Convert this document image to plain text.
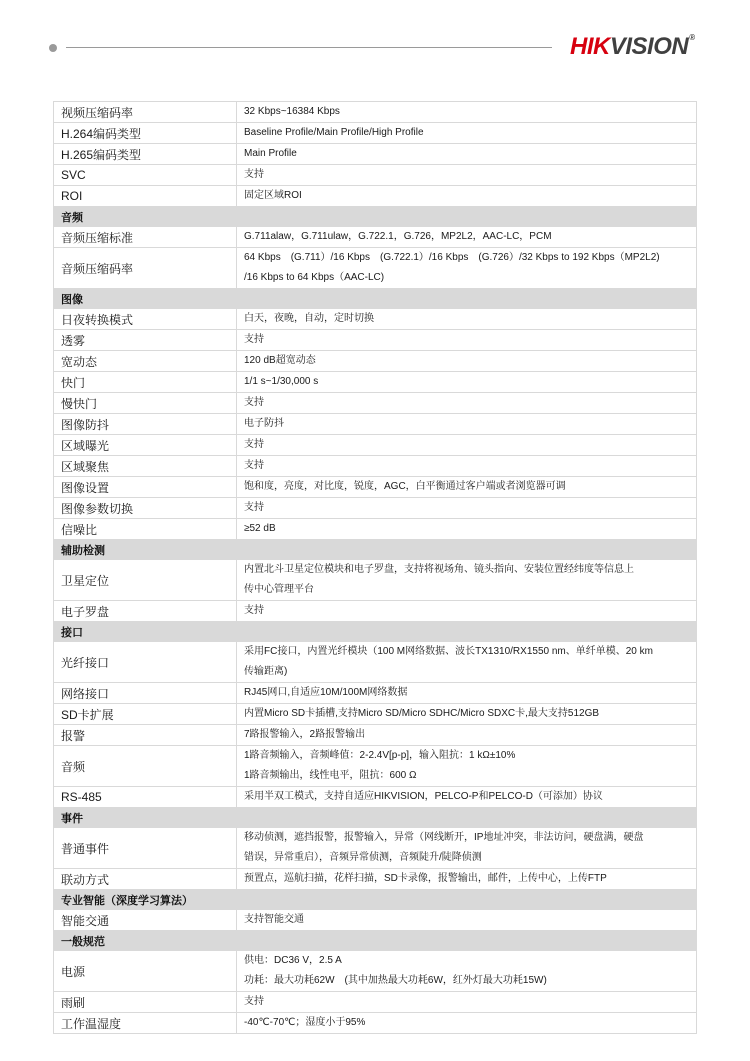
HIKVISION®
视频压缩码率	32 Kbps~16384 Kbps

H.264编码类型	Baseline Profile/Main Profile/High Profile

H.265编码类型	Main Profile

SVC	支持

ROI	固定区域ROI

音频	
音频压缩标准	G.711alaw，G.711ulaw，G.722.1，G.726，MP2L2，AAC-LC，PCM

音频压缩码率	64 Kbps　(G.711）/16 Kbps　(G.722.1）/16 Kbps　(G.726）/32 Kbps to 192 Kbps（MP2L2)
/16 Kbps to 64 Kbps（AAC-LC)

图像	
日夜转换模式	白天，夜晚，自动，定时切换

透雾	支持

宽动态	120 dB超宽动态

快门	1/1 s~1/30,000 s

慢快门	支持

图像防抖	电子防抖

区域曝光	支持

区域聚焦	支持

图像设置	饱和度，亮度，对比度，锐度，AGC，白平衡通过客户端或者浏览器可调

图像参数切换	支持

信噪比	≥52 dB

辅助检测	
卫星定位	内置北斗卫星定位模块和电子罗盘，支持将视场角、镜头指向、安装位置经纬度等信息上
传中心管理平台

电子罗盘	支持

接口	
光纤接口	采用FC接口，内置光纤模块（100 M网络数据、波长TX1310/RX1550 nm、单纤单模、20 km
传输距离)

网络接口	RJ45网口,自适应10M/100M网络数据

SD卡扩展	内置Micro SD卡插槽,支持Micro SD/Micro SDHC/Micro SDXC卡,最大支持512GB

报警	7路报警输入，2路报警输出

音频	1路音频输入，音频峰值：2-2.4V[p-p]，输入阻抗：1 kΩ±10%
1路音频输出，线性电平，阻抗：600 Ω

RS-485	采用半双工模式，支持自适应HIKVISION，PELCO-P和PELCO-D（可添加）协议

事件	
普通事件	移动侦测，遮挡报警，报警输入，异常（网线断开，IP地址冲突，非法访问，硬盘满，硬盘
错误，异常重启），音频异常侦测，音频陡升/陡降侦测

联动方式	预置点，巡航扫描，花样扫描，SD卡录像，报警输出，邮件，上传中心，上传FTP

专业智能（深度学习算法）	
智能交通	支持智能交通

一般规范	
电源	供电：DC36 V，2.5 A
功耗：最大功耗62W　(其中加热最大功耗6W，红外灯最大功耗15W)

雨刷	支持

工作温湿度	-40℃-70℃；湿度小于95%
